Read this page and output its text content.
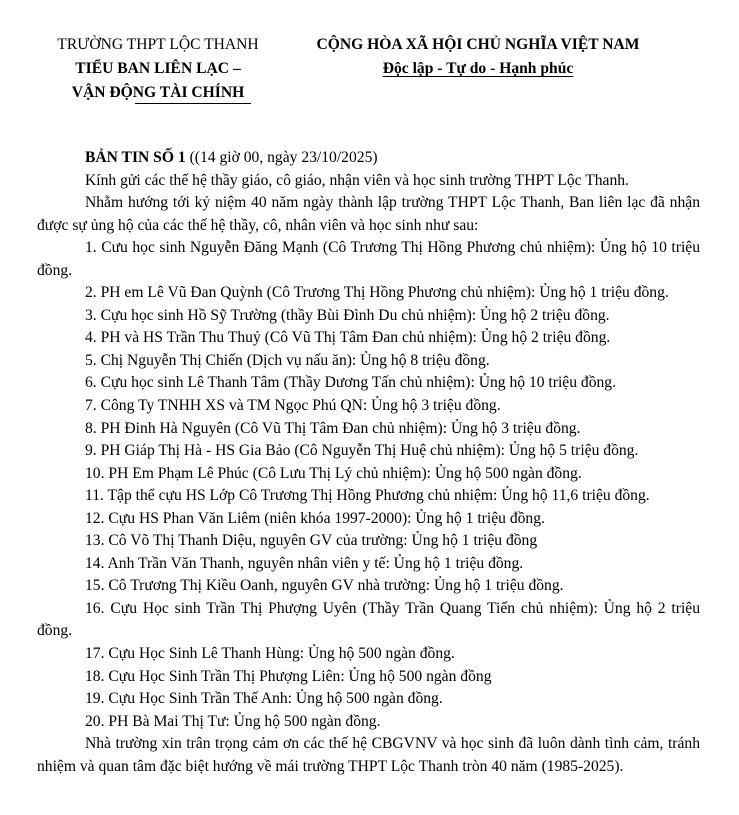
TRƯỜNG THPT LỘC THANH
TIỂU BAN LIÊN LẠC –
VẬN ĐỘNG TÀI CHÍNH
CỘNG HÒA XÃ HỘI CHỦ NGHĨA VIỆT NAM
Độc lập - Tự do - Hạnh phúc

BẢN TIN SỐ 1 ((14 giờ 00, ngày 23/10/2025)

Kính gửi các thế hệ thầy giáo, cô giáo, nhận viên và học sinh trường THPT Lộc Thanh.

Nhằm hướng tới kỷ niệm 40 năm ngày thành lập trường THPT Lộc Thanh, Ban liên lạc đã nhận được sự ủng hộ của các thế hệ thầy, cô, nhân viên và học sinh như sau:

1. Cưu học sinh Nguyễn Đăng Mạnh (Cô Trương Thị Hồng Phương chủ nhiệm): Ủng hộ 10 triệu đồng.

2. PH em Lê Vũ Đan Quỳnh (Cô Trương Thị Hồng Phương chủ nhiệm): Ủng hộ 1 triệu đồng.

3. Cựu học sinh Hồ Sỹ Trường (thầy Bùi Đình Du chủ nhiệm): Ủng hộ 2 triệu đồng.

4. PH và HS Trần Thu Thuỷ (Cô Vũ Thị Tâm Đan chủ nhiệm): Ủng hộ 2 triệu đồng.

5. Chị Nguyễn Thị Chiến (Dịch vụ nấu ăn): Ủng hộ 8 triệu đồng.

6. Cựu học sinh Lê Thanh Tâm (Thầy Dương Tấn chủ nhiệm): Ủng hộ 10 triệu đồng.

7. Công Ty TNHH XS và TM Ngọc Phú QN: Ủng hộ 3 triệu đồng.

8. PH Đinh Hà Nguyên (Cô Vũ Thị Tâm Đan chủ nhiệm): Ủng hộ 3 triệu đồng.

9. PH Giáp Thị Hà - HS Gia Bảo (Cô Nguyễn Thị Huệ chủ nhiệm): Ủng hộ 5 triệu đồng.

10. PH Em Phạm Lê Phúc (Cô Lưu Thị Lý chủ nhiệm): Ủng hộ 500 ngàn đồng.

11. Tập thể cựu HS Lớp Cô Trương Thị Hồng Phương chủ nhiệm: Ủng hộ 11,6 triệu đồng.

12. Cựu HS Phan Văn Liêm (niên khóa 1997-2000): Ủng hộ 1 triệu đồng.

13. Cô Võ Thị Thanh Diệu, nguyên GV của trường: Ủng hộ 1 triệu đồng

14. Anh Trần Văn Thanh, nguyên nhân viên y tế: Ủng hộ 1 triệu đồng.

15. Cô Trương Thị Kiều Oanh, nguyên GV nhà trường: Ủng hộ 1 triệu đồng.

16. Cựu Học sinh Trần Thị Phượng Uyên (Thầy Trần Quang Tiến chủ nhiệm): Ủng hộ 2 triệu đồng.

17. Cựu Học Sinh Lê Thanh Hùng: Ủng hộ 500 ngàn đồng.

18. Cựu Học Sinh Trần Thị Phượng Liên: Ủng hộ 500 ngàn đồng

19. Cựu Học Sinh Trần Thế Anh: Ủng hộ 500 ngàn đồng.

20. PH Bà Mai Thị Tư: Ủng hộ 500 ngàn đồng.

Nhà trường xin trân trọng cảm ơn các thế hệ CBGVNV và học sinh đã luôn dành tình cảm, tránh nhiệm và quan tâm đặc biệt hướng về mái trường THPT Lộc Thanh tròn 40 năm (1985-2025).
